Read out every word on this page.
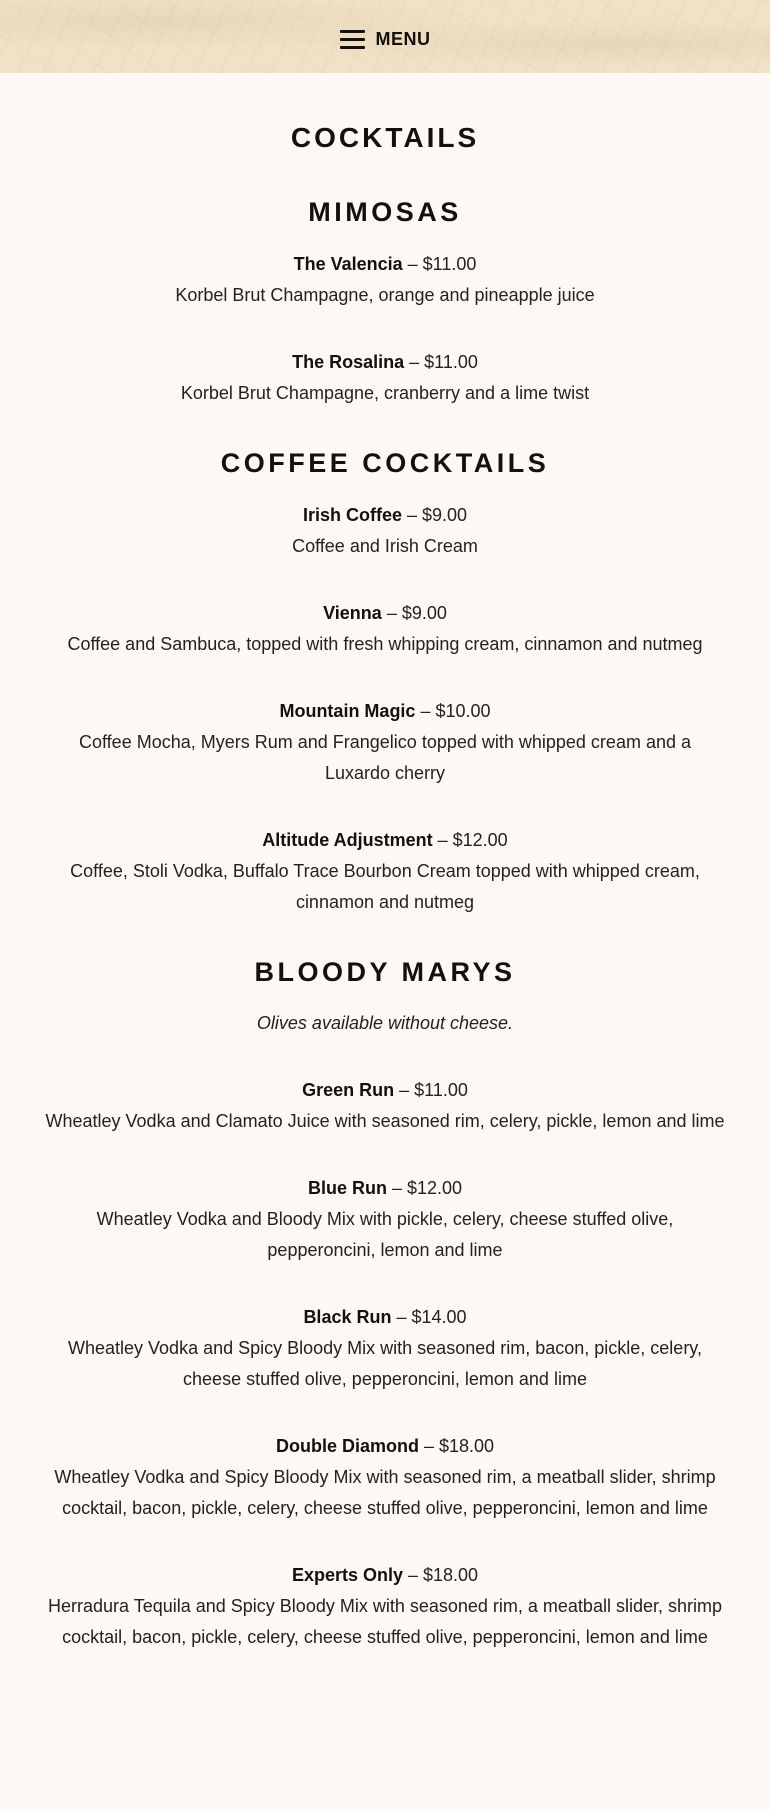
MENU
COCKTAILS
MIMOSAS
The Valencia – $11.00
Korbel Brut Champagne, orange and pineapple juice
The Rosalina – $11.00
Korbel Brut Champagne, cranberry and a lime twist
COFFEE COCKTAILS
Irish Coffee – $9.00
Coffee and Irish Cream
Vienna – $9.00
Coffee and Sambuca, topped with fresh whipping cream, cinnamon and nutmeg
Mountain Magic – $10.00
Coffee Mocha, Myers Rum and Frangelico topped with whipped cream and a Luxardo cherry
Altitude Adjustment – $12.00
Coffee, Stoli Vodka, Buffalo Trace Bourbon Cream topped with whipped cream, cinnamon and nutmeg
BLOODY MARYS
Olives available without cheese.
Green Run – $11.00
Wheatley Vodka and Clamato Juice with seasoned rim, celery, pickle, lemon and lime
Blue Run – $12.00
Wheatley Vodka and Bloody Mix with pickle, celery, cheese stuffed olive, pepperoncini, lemon and lime
Black Run – $14.00
Wheatley Vodka and Spicy Bloody Mix with seasoned rim, bacon, pickle, celery, cheese stuffed olive, pepperoncini, lemon and lime
Double Diamond – $18.00
Wheatley Vodka and Spicy Bloody Mix with seasoned rim, a meatball slider, shrimp cocktail, bacon, pickle, celery, cheese stuffed olive, pepperoncini, lemon and lime
Experts Only – $18.00
Herradura Tequila and Spicy Bloody Mix with seasoned rim, a meatball slider, shrimp cocktail, bacon, pickle, celery, cheese stuffed olive, pepperoncini, lemon and lime
